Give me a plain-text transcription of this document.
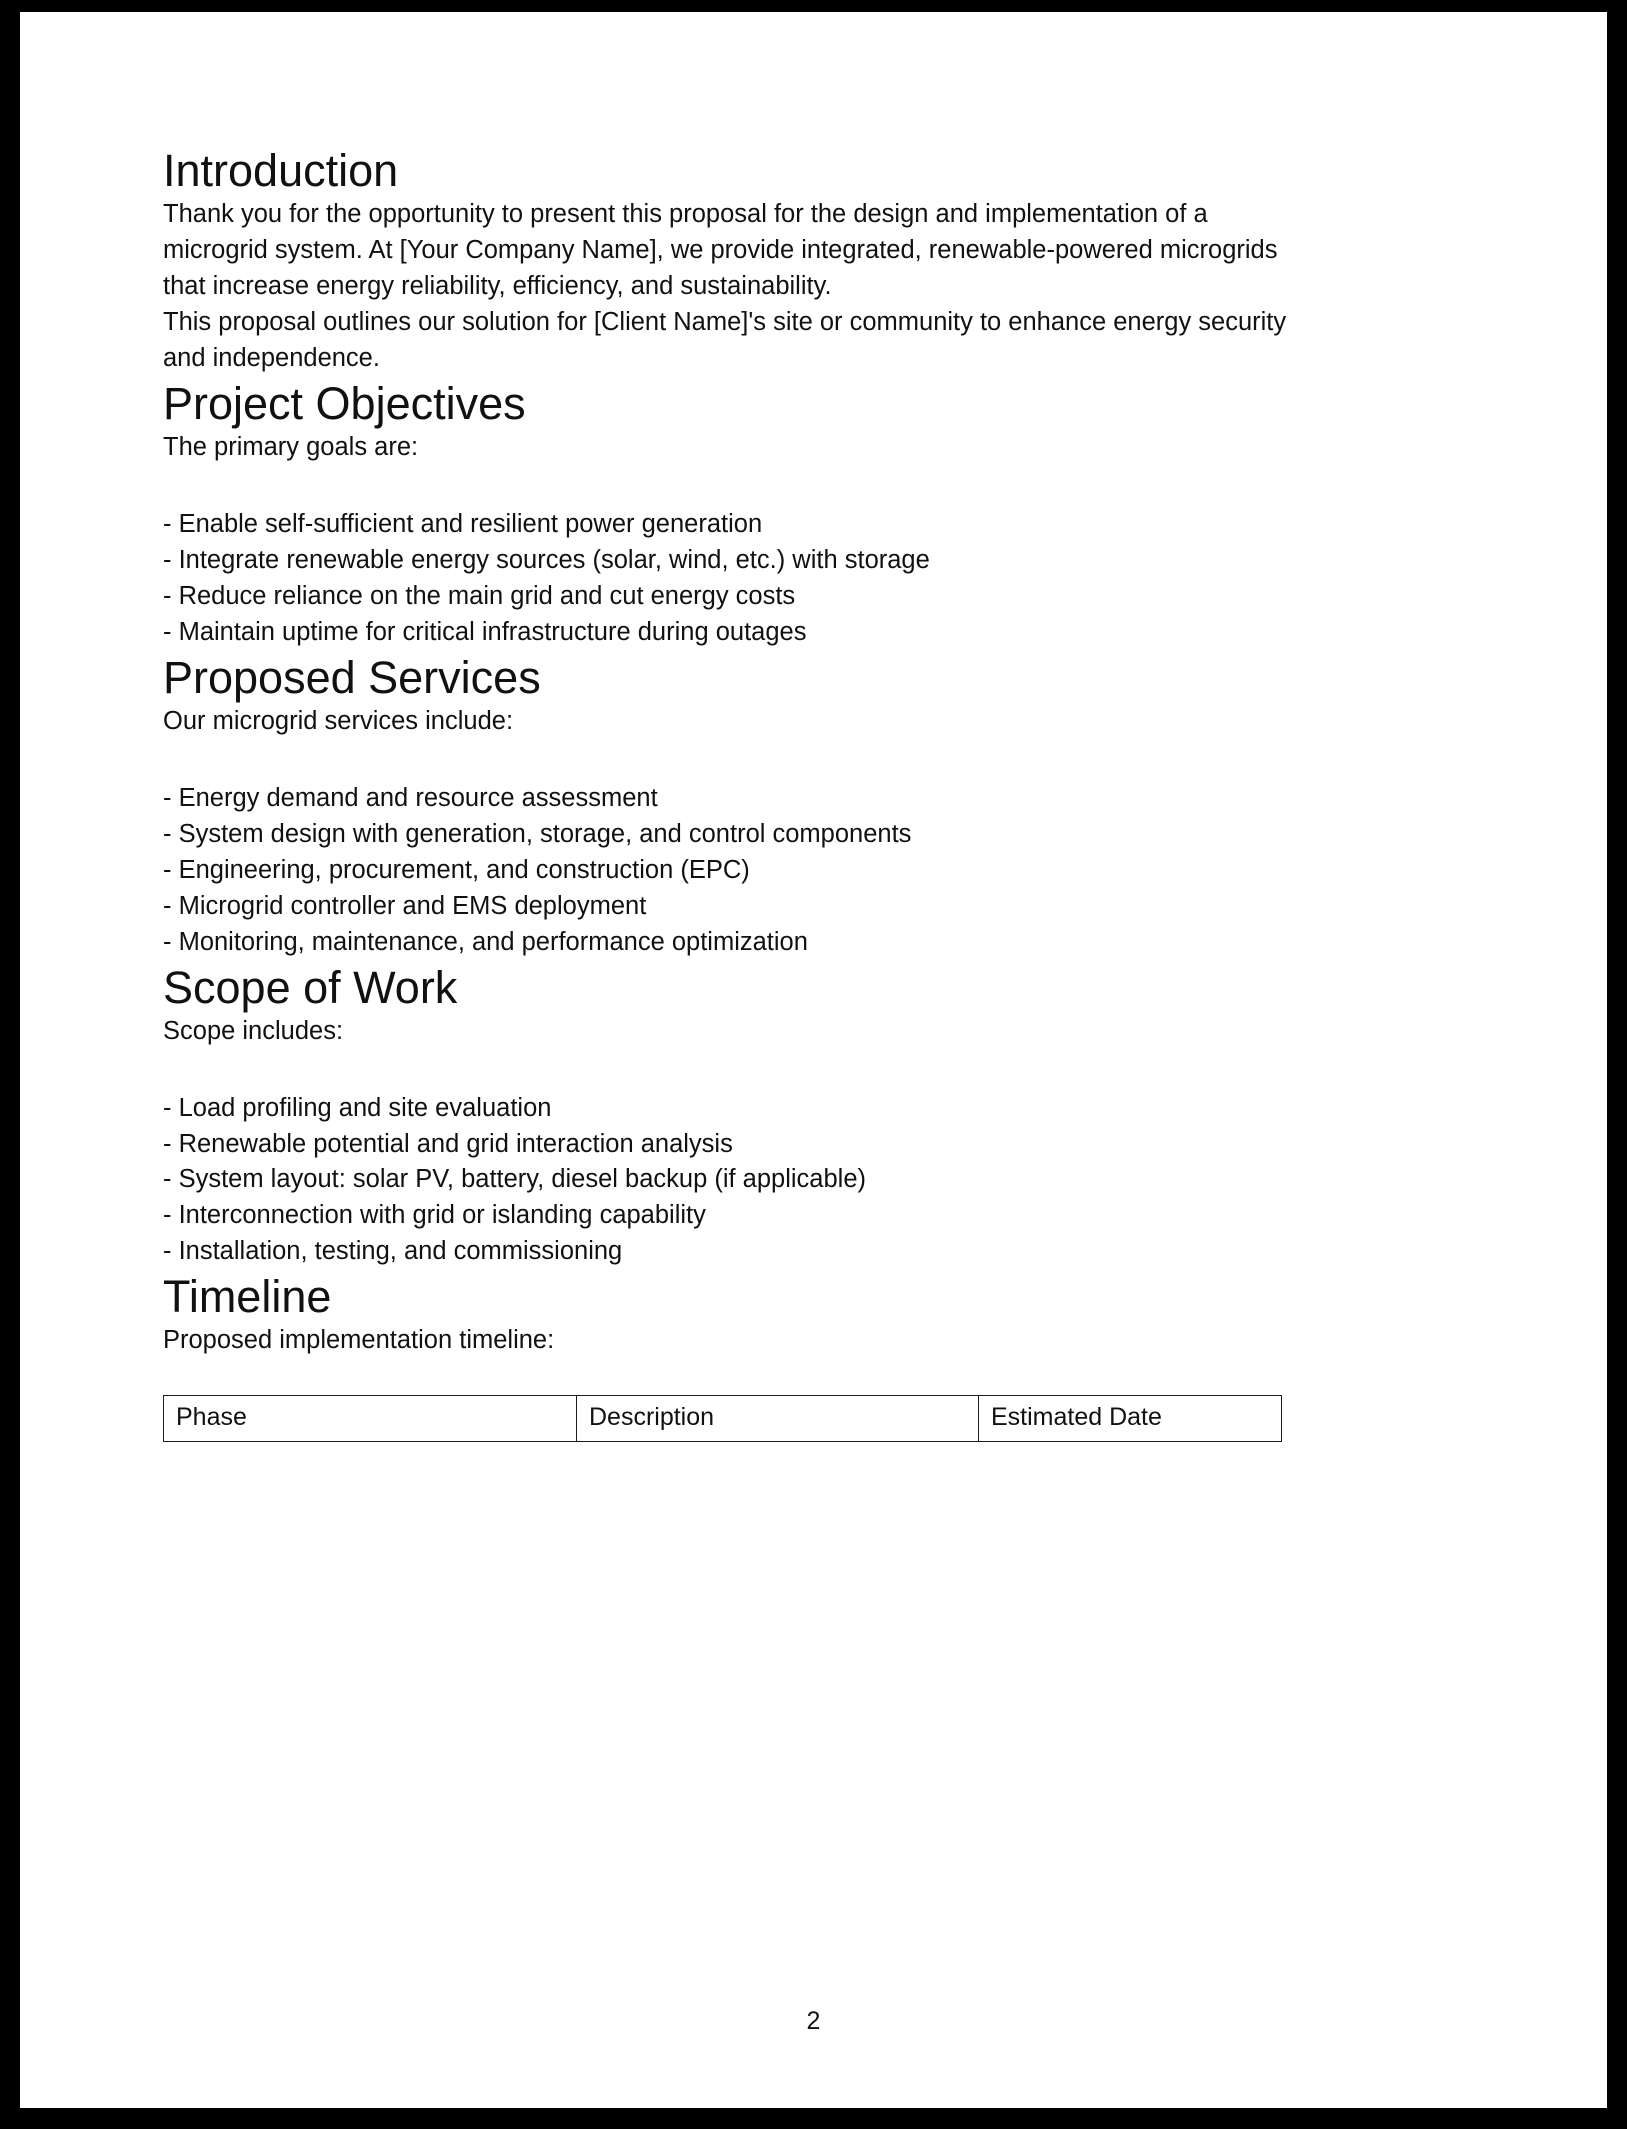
Introduction

Thank you for the opportunity to present this proposal for the design and implementation of a microgrid system. At [Your Company Name], we provide integrated, renewable-powered microgrids that increase energy reliability, efficiency, and sustainability.

This proposal outlines our solution for [Client Name]'s site or community to enhance energy security and independence.

Project Objectives

The primary goals are:

- Enable self-sufficient and resilient power generation
- Integrate renewable energy sources (solar, wind, etc.) with storage
- Reduce reliance on the main grid and cut energy costs
- Maintain uptime for critical infrastructure during outages
Proposed Services

Our microgrid services include:

- Energy demand and resource assessment
- System design with generation, storage, and control components
- Engineering, procurement, and construction (EPC)
- Microgrid controller and EMS deployment
- Monitoring, maintenance, and performance optimization
Scope of Work

Scope includes:

- Load profiling and site evaluation
- Renewable potential and grid interaction analysis
- System layout: solar PV, battery, diesel backup (if applicable)
- Interconnection with grid or islanding capability
- Installation, testing, and commissioning
Timeline

Proposed implementation timeline:

Phase	Description	Estimated Date
2
